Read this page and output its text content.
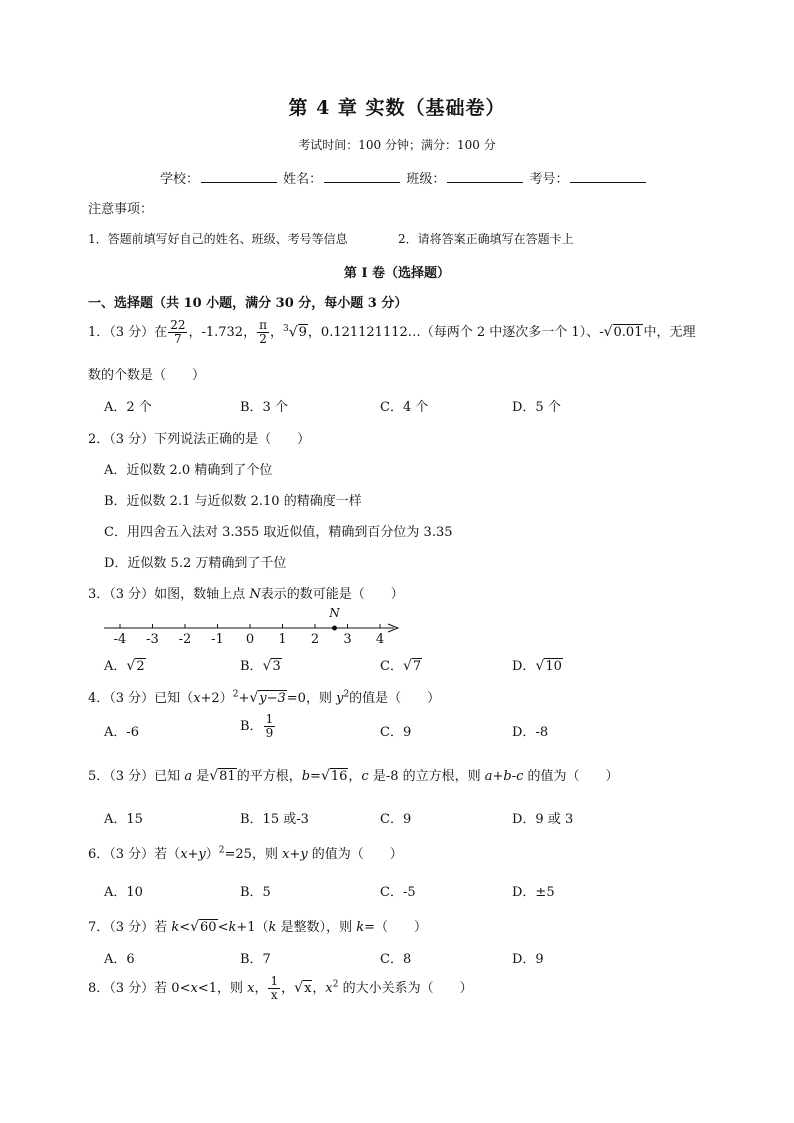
第 4 章 实数（基础卷）
考试时间：100 分钟；满分：100 分
学校：	姓名：	班级：	考号：
注意事项：
1．答题前填写好自己的姓名、班级、考号等信息	2．请将答案正确填写在答题卡上
第 I 卷（选择题）
一、选择题（共 10 小题，满分 30 分，每小题 3 分）
1．（3 分）在 $\frac{22}{7}$ ，-1.732， $\frac{\pi}{2}$ ，$^3$√9，0.121121112…（每两个 2 中逐次多一个 1）、-√0.01中，无理
数的个数是（　　）
A．2 个	B．3 个	C．4 个	D．5 个
2．（3 分）下列说法正确的是（　　）
A．近似数 2.0 精确到了个位
B．近似数 2.1 与近似数 2.10 的精确度一样
C．用四舍五入法对 3.355 取近似值，精确到百分位为 3.35
D．近似数 5.2 万精确到了千位
3．（3 分）如图，数轴上点 N表示的数可能是（　　）
-4 -3 -2 -1 0 1 2 3 4
N
A．√2	B．√3	C．√7	D．√10
4．（3 分）已知$(x+2)^2+√y-3=0$，则 $y^2$的值是（　　）
A．-6	B． $\frac{1}{9}$	C．9	D．-8
5．（3 分）已知 a 是√81的平方根，b=√16，c 是-8 的立方根，则 a+b-c 的值为（　　）
A．15	B．15 或-3	C．9	D．9 或 3
6．（3 分）若$(x+y)^2=25$，则 x+y 的值为（　　）
A．10	B．5	C．-5	D．±5
7．（3 分）若 k<√60<k+1（k 是整数），则 k=（　　）
A．6	B．7	C．8	D．9
8．（3 分）若 0<x<1，则 x， $\frac{1}{x}$ ，√x，$x^2$ 的大小关系为（　　）
